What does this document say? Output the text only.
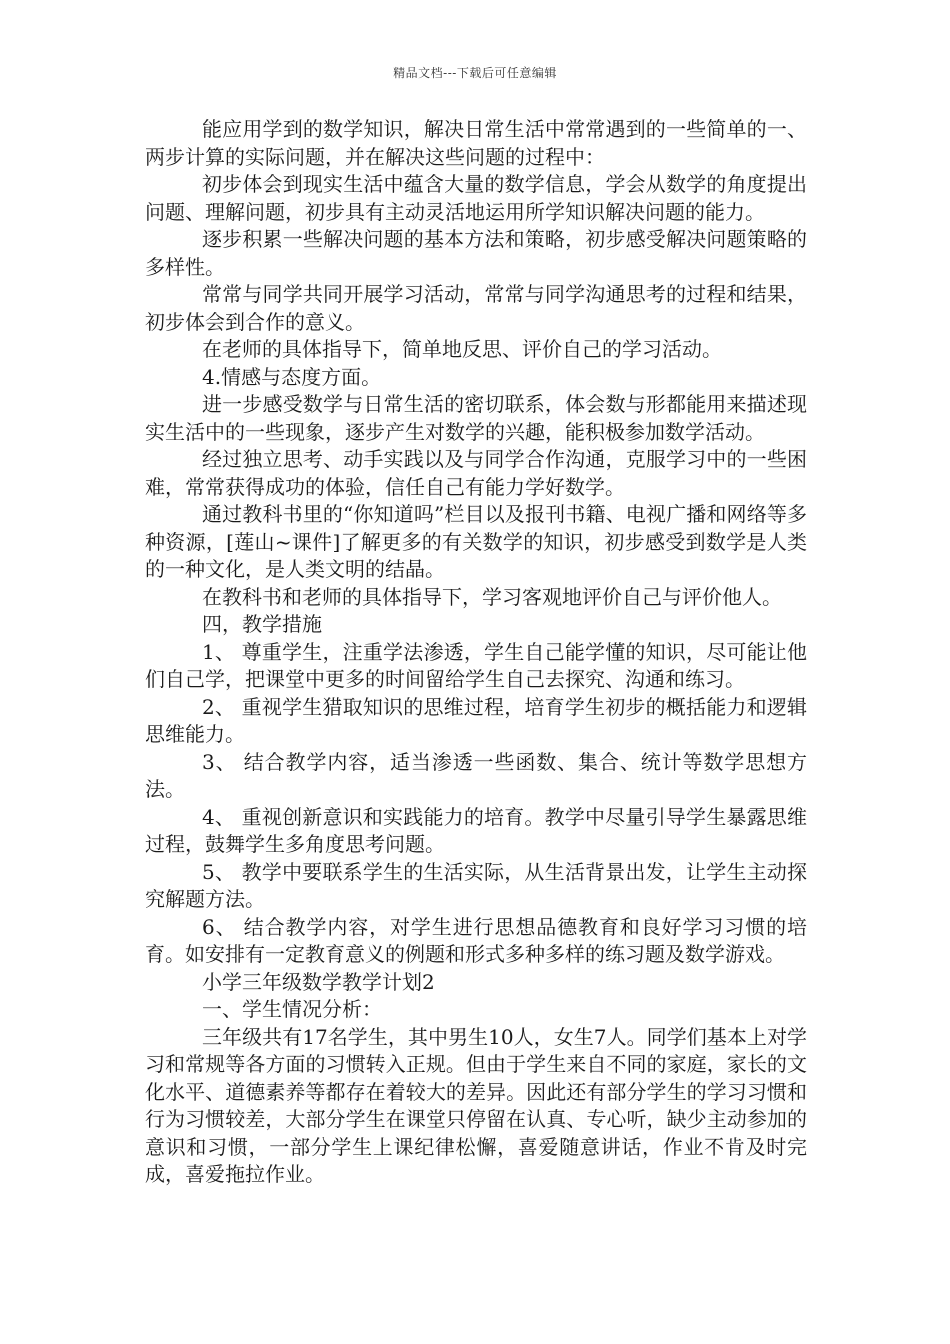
精品文档---下载后可任意编辑

能应用学到的数学知识，解决日常生活中常常遇到的一些简单的一、两步计算的实际问题，并在解决这些问题的过程中：

初步体会到现实生活中蕴含大量的数学信息，学会从数学的角度提出问题、理解问题，初步具有主动灵活地运用所学知识解决问题的能力。

逐步积累一些解决问题的基本方法和策略，初步感受解决问题策略的多样性。

常常与同学共同开展学习活动，常常与同学沟通思考的过程和结果，初步体会到合作的意义。

在老师的具体指导下，简单地反思、评价自己的学习活动。

4.情感与态度方面。

进一步感受数学与日常生活的密切联系，体会数与形都能用来描述现实生活中的一些现象，逐步产生对数学的兴趣，能积极参加数学活动。

经过独立思考、动手实践以及与同学合作沟通，克服学习中的一些困难，常常获得成功的体验，信任自己有能力学好数学。

通过教科书里的“你知道吗”栏目以及报刊书籍、电视广播和网络等多种资源，[莲山~课件]了解更多的有关数学的知识，初步感受到数学是人类的一种文化，是人类文明的结晶。

在教科书和老师的具体指导下，学习客观地评价自己与评价他人。

四，教学措施

1、 尊重学生，注重学法渗透，学生自己能学懂的知识，尽可能让他们自己学，把课堂中更多的时间留给学生自己去探究、沟通和练习。

2、 重视学生猎取知识的思维过程，培育学生初步的概括能力和逻辑思维能力。

3、 结合教学内容，适当渗透一些函数、集合、统计等数学思想方法。

4、 重视创新意识和实践能力的培育。教学中尽量引导学生暴露思维过程，鼓舞学生多角度思考问题。

5、 教学中要联系学生的生活实际，从生活背景出发，让学生主动探究解题方法。

6、 结合教学内容，对学生进行思想品德教育和良好学习习惯的培育。如安排有一定教育意义的例题和形式多种多样的练习题及数学游戏。

小学三年级数学教学计划2

一、学生情况分析：

三年级共有17名学生，其中男生10人，女生7人。同学们基本上对学习和常规等各方面的习惯转入正规。但由于学生来自不同的家庭，家长的文化水平、道德素养等都存在着较大的差异。因此还有部分学生的学习习惯和行为习惯较差，大部分学生在课堂只停留在认真、专心听，缺少主动参加的意识和习惯，一部分学生上课纪律松懈，喜爱随意讲话，作业不肯及时完成，喜爱拖拉作业。
